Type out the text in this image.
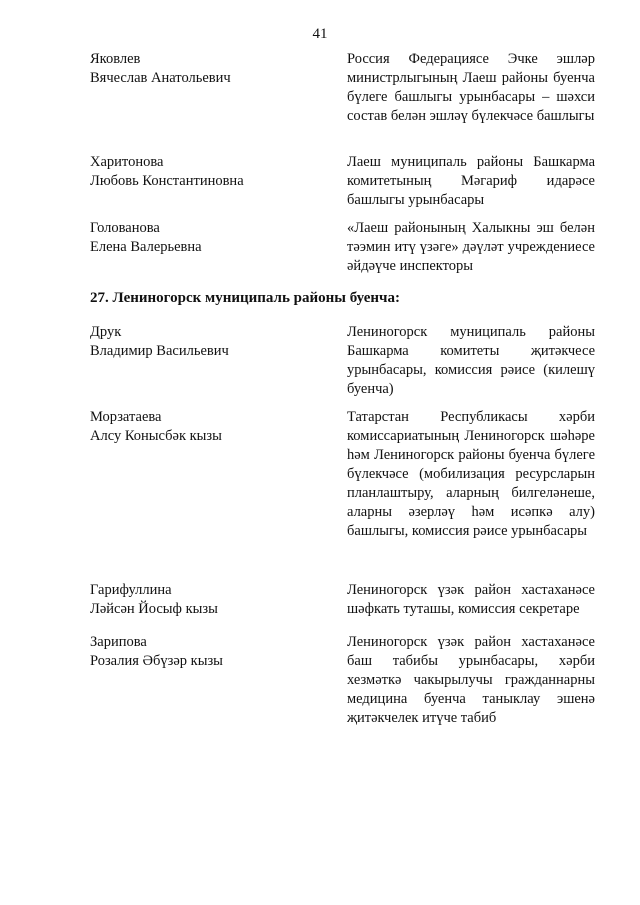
41
Яковлев
Вячеслав Анатольевич
Россия Федерациясе Эчке эшләр министрлыгының Лаеш районы буенча бүлеге башлыгы урынбасары – шәхси состав белән эшләү бүлекчәсе башлыгы
Харитонова
Любовь Константиновна
Лаеш муниципаль районы Башкарма комитетының Мәгариф идарәсе башлыгы урынбасары
Голованова
Елена Валерьевна
«Лаеш районының Халыкны эш белән тәэмин итү үзәге» дәүләт учреждениесе әйдәүче инспекторы
27. Лениногорск муниципаль районы буенча:
Друк
Владимир Васильевич
Лениногорск муниципаль районы Башкарма комитеты җитәкчесе урынбасары, комиссия рәисе (килешү буенча)
Морзатаева
Алсу Конысбәк кызы
Татарстан Республикасы хәрби комиссариатының Лениногорск шәһәре һәм Лениногорск районы буенча бүлеге бүлекчәсе (мобилизация ресурсларын планлаштыру, аларның билгеләнеше, аларны әзерләү һәм исәпкә алу) башлыгы, комиссия рәисе урынбасары
Гарифуллина
Ләйсән Йосыф кызы
Лениногорск үзәк район хастаханәсе шәфкать туташы, комиссия секретаре
Зарипова
Розалия Әбүзәр кызы
Лениногорск үзәк район хастаханәсе баш табибы урынбасары, хәрби хезмәткә чакырылучы гражданнарны медицина буенча таныклау эшенә җитәкчелек итүче табиб
